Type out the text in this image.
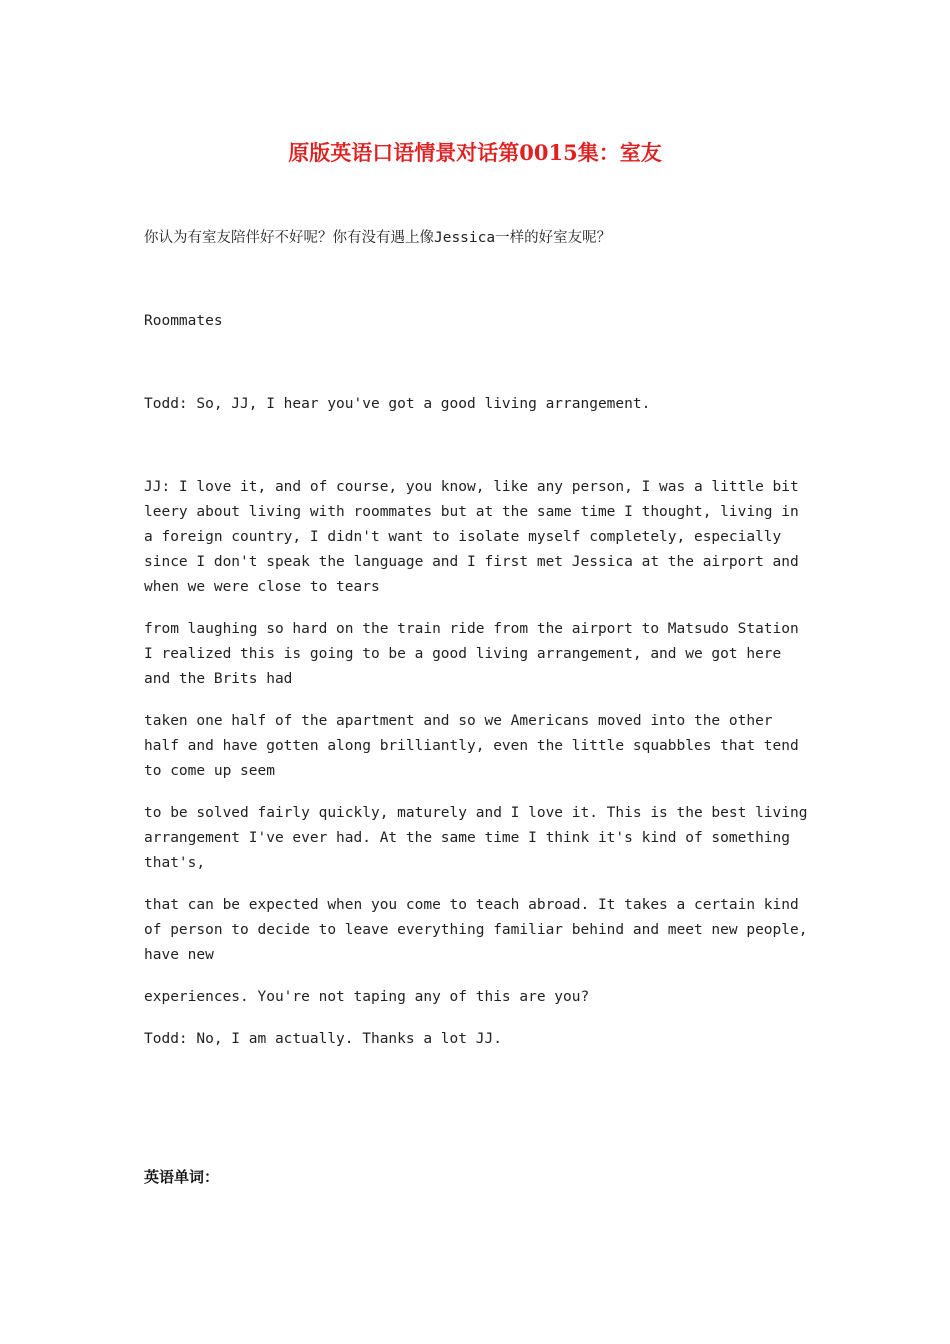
原版英语口语情景对话第0015集：室友

你认为有室友陪伴好不好呢？你有没有遇上像Jessica一样的好室友呢？

Roommates

Todd: So, JJ, I hear you've got a good living arrangement.

JJ: I love it, and of course, you know, like any person, I was a little bit leery about living with roommates but at the same time I thought, living in a foreign country, I didn't want to isolate myself completely, especially since I don't speak the language and I first met Jessica at the airport and when we were close to tears

from laughing so hard on the train ride from the airport to Matsudo Station I realized this is going to be a good living arrangement, and we got here and the Brits had

taken one half of the apartment and so we Americans moved into the other half and have gotten along brilliantly, even the little squabbles that tend to come up seem

to be solved fairly quickly, maturely and I love it. This is the best living arrangement I've ever had. At the same time I think it's kind of something that's,

that can be expected when you come to teach abroad. It takes a certain kind of person to decide to leave everything familiar behind and meet new people, have new

experiences. You're not taping any of this are you?

Todd: No, I am actually. Thanks a lot JJ.

英语单词：
